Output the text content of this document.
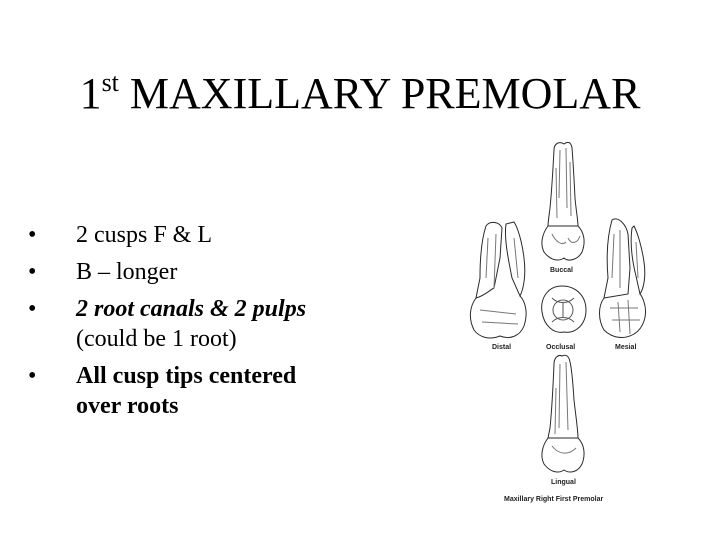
1st MAXILLARY PREMOLAR
•	2 cusps F & L
•	B – longer
•	2 root canals & 2 pulps
(could be 1 root)
•	All cusp tips centered
over roots
Buccal
Distal	Occlusal	Mesial
Lingual
Maxillary Right First Premolar
